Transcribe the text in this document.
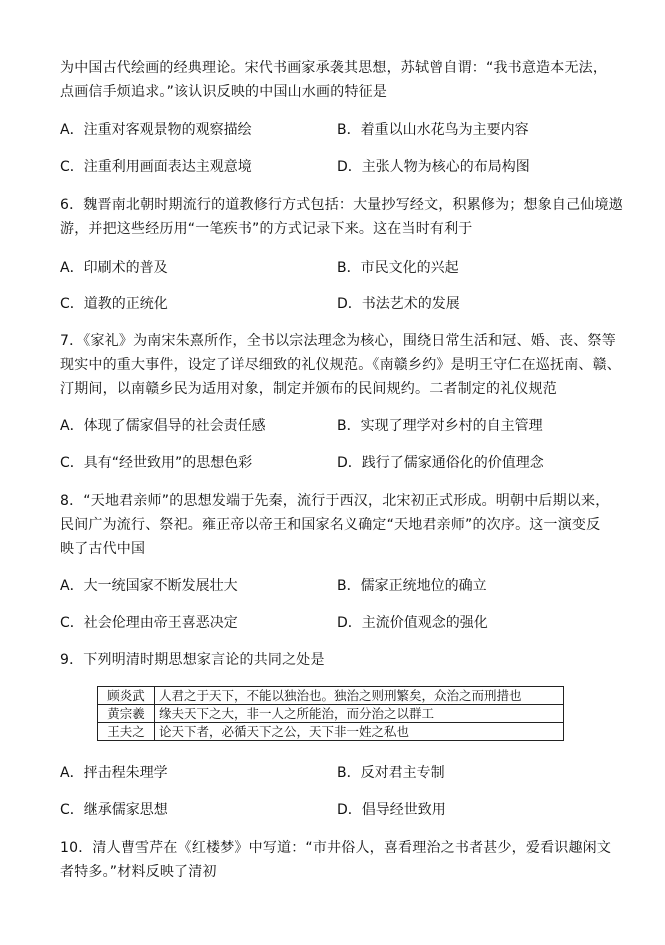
为中国古代绘画的经典理论。宋代书画家承袭其思想，苏轼曾自谓：“我书意造本无法，
点画信手烦追求。”该认识反映的中国山水画的特征是
A．注重对客观景物的观察描绘	B．着重以山水花鸟为主要内容
C．注重利用画面表达主观意境	D．主张人物为核心的布局构图
6．魏晋南北朝时期流行的道教修行方式包括：大量抄写经文，积累修为；想象自己仙境遨
游，并把这些经历用“一笔疾书”的方式记录下来。这在当时有利于
A．印刷术的普及	B．市民文化的兴起
C．道教的正统化	D．书法艺术的发展
7．《家礼》为南宋朱熹所作，全书以宗法理念为核心，围绕日常生活和冠、婚、丧、祭等
现实中的重大事件，设定了详尽细致的礼仪规范。《南赣乡约》是明王守仁在巡抚南、赣、
汀期间，以南赣乡民为适用对象，制定并颁布的民间规约。二者制定的礼仪规范
A．体现了儒家倡导的社会责任感	B．实现了理学对乡村的自主管理
C．具有“经世致用”的思想色彩	D．践行了儒家通俗化的价值理念
8．“天地君亲师”的思想发端于先秦，流行于西汉，北宋初正式形成。明朝中后期以来，
民间广为流行、祭祀。雍正帝以帝王和国家名义确定“天地君亲师”的次序。这一演变反
映了古代中国
A．大一统国家不断发展壮大	B．儒家正统地位的确立
C．社会伦理由帝王喜恶决定	D．主流价值观念的强化
9．下列明清时期思想家言论的共同之处是
顾炎武	人君之于天下，不能以独治也。独治之则刑繁矣，众治之而刑措也
黄宗羲	缘夫天下之大，非一人之所能治，而分治之以群工
王夫之	论天下者，必循天下之公，天下非一姓之私也
A．抨击程朱理学	B．反对君主专制
C．继承儒家思想	D．倡导经世致用
10．清人曹雪芹在《红楼梦》中写道：“市井俗人，喜看理治之书者甚少，爱看识趣闲文
者特多。”材料反映了清初
